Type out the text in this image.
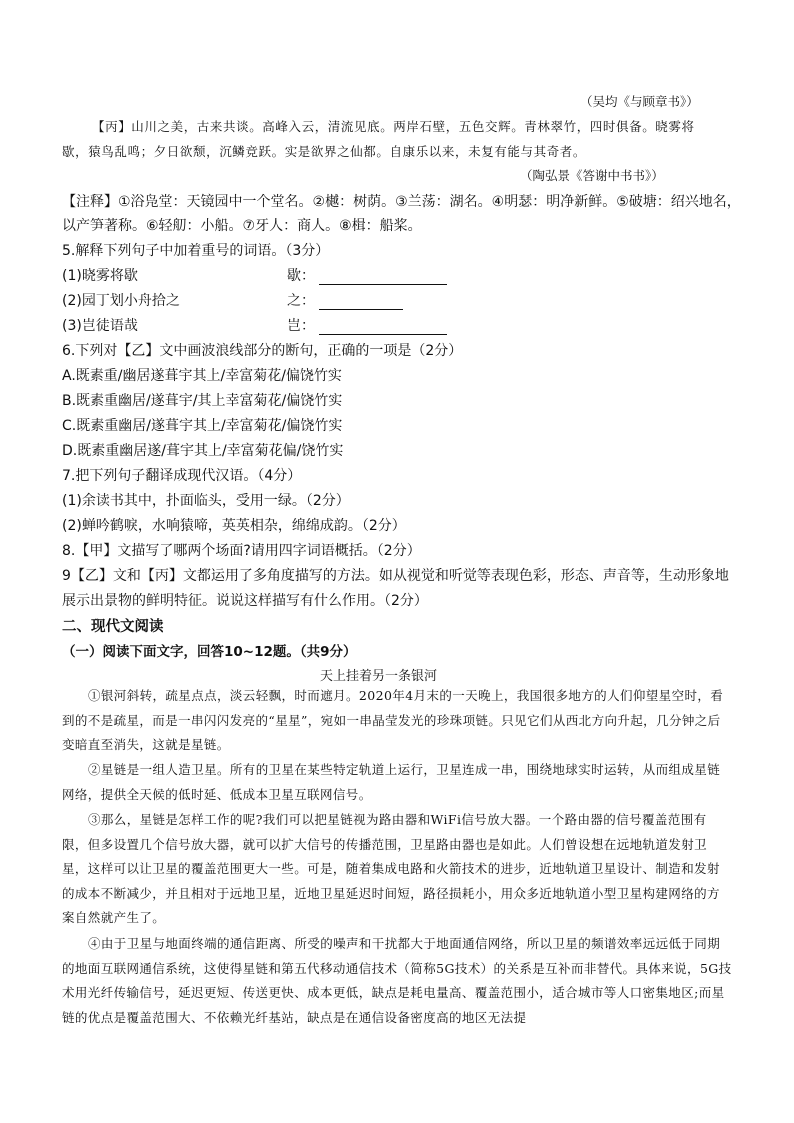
（吴均《与顾章书》）
【丙】山川之美，古来共谈。高峰入云，清流见底。两岸石壁，五色交辉。青林翠竹，四时俱备。晓雾将
歇，猿鸟乱鸣；夕日欲颓，沉鳞竞跃。实是欲界之仙都。自康乐以来，未复有能与其奇者。
（陶弘景《答谢中书书》）
【注释】①浴凫堂：天镜园中一个堂名。②樾：树荫。③兰荡：湖名。④明瑟：明净新鲜。⑤破塘：绍兴地名，
以产笋著称。⑥轻舠：小船。⑦牙人：商人。⑧楫：船桨。
5.解释下列句子中加着重号的词语。（3分）
(1)晓雾将歇	歇：
(2)园丁划小舟拾之	之：
(3)岂徒语哉	岂：
6.下列对【乙】文中画波浪线部分的断句，正确的一项是（2分）
A.既素重/幽居遂葺宇其上/幸富菊花/偏饶竹实
B.既素重幽居/遂葺宇/其上幸富菊花/偏饶竹实
C.既素重幽居/遂葺宇其上/幸富菊花/偏饶竹实
D.既素重幽居遂/葺宇其上/幸富菊花偏/饶竹实
7.把下列句子翻译成现代汉语。（4分）
(1)余读书其中，扑面临头，受用一绿。（2分）
(2)蝉吟鹤唳，水响猿啼，英英相杂，绵绵成韵。（2分）
8.【甲】文描写了哪两个场面?请用四字词语概括。（2分）
9【乙】文和【丙】文都运用了多角度描写的方法。如从视觉和听觉等表现色彩，形态、声音等，生动形象地
展示出景物的鲜明特征。说说这样描写有什么作用。（2分）
二、现代文阅读
（一）阅读下面文字，回答10~12题。（共9分）
天上挂着另一条银河
①银河斜转，疏星点点，淡云轻飘，时而遮月。2020年4月末的一天晚上，我国很多地方的人们仰望星空时，看到的不是疏星，而是一串闪闪发亮的“星星”，宛如一串晶莹发光的珍珠项链。只见它们从西北方向升起，几分钟之后变暗直至消失，这就是星链。
②星链是一组人造卫星。所有的卫星在某些特定轨道上运行，卫星连成一串，围绕地球实时运转，从而组成星链网络，提供全天候的低时延、低成本卫星互联网信号。
③那么，星链是怎样工作的呢?我们可以把星链视为路由器和WiFi信号放大器。一个路由器的信号覆盖范围有限，但多设置几个信号放大器，就可以扩大信号的传播范围，卫星路由器也是如此。人们曾设想在远地轨道发射卫星，这样可以让卫星的覆盖范围更大一些。可是，随着集成电路和火箭技术的进步，近地轨道卫星设计、制造和发射的成本不断减少，并且相对于远地卫星，近地卫星延迟时间短，路径损耗小，用众多近地轨道小型卫星构建网络的方案自然就产生了。
④由于卫星与地面终端的通信距离、所受的噪声和干扰都大于地面通信网络，所以卫星的频谱效率远远低于同期的地面互联网通信系统，这使得星链和第五代移动通信技术（简称5G技术）的关系是互补而非替代。具体来说，5G技术用光纤传输信号，延迟更短、传送更快、成本更低，缺点是耗电量高、覆盖范围小，适合城市等人口密集地区;而星链的优点是覆盖范围大、不依赖光纤基站，缺点是在通信设备密度高的地区无法提
